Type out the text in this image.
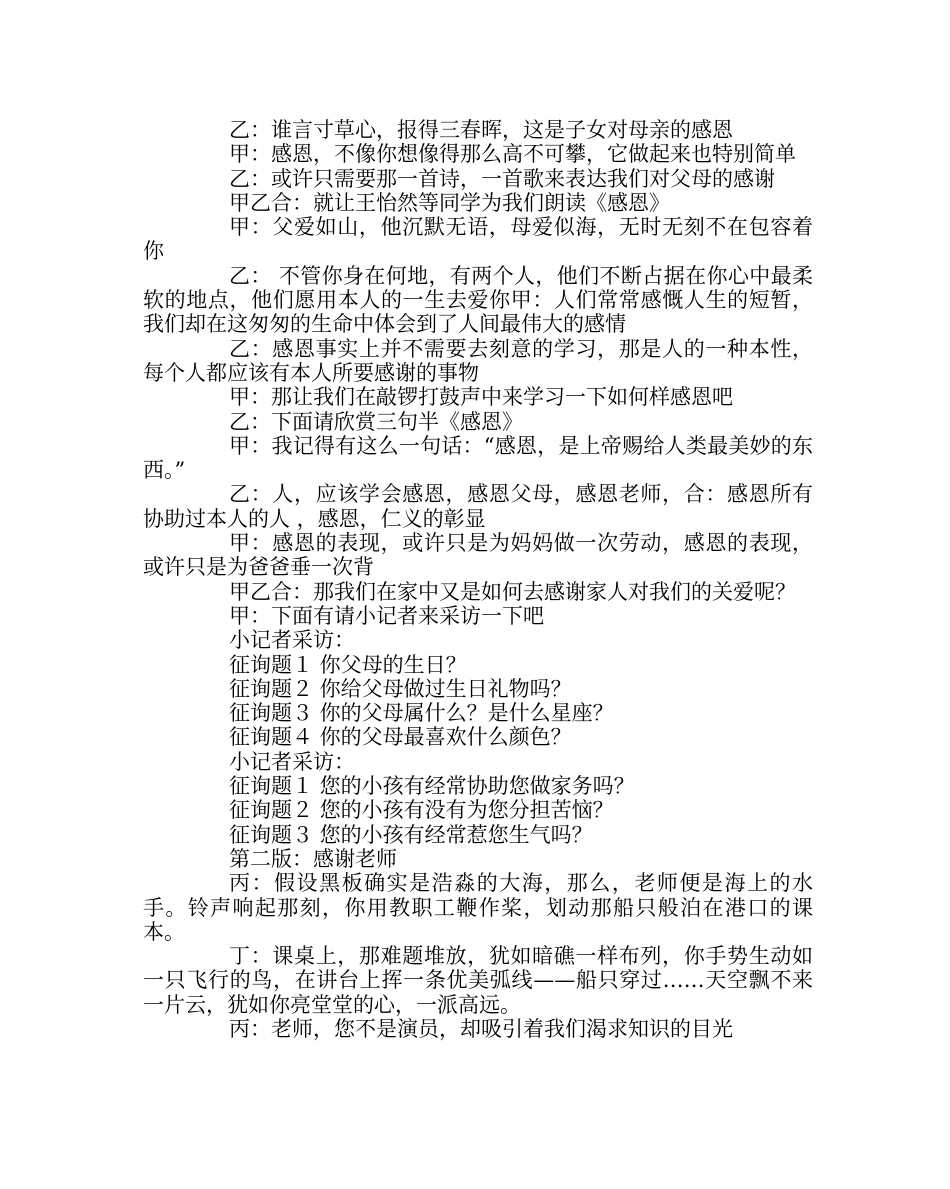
乙：谁言寸草心，报得三春晖，这是子女对母亲的感恩

甲：感恩，不像你想像得那么高不可攀，它做起来也特别简单

乙：或许只需要那一首诗，一首歌来表达我们对父母的感谢

甲乙合：就让王怡然等同学为我们朗读《感恩》

甲：父爱如山，他沉默无语，母爱似海，无时无刻不在包容着你

乙： 不管你身在何地，有两个人，他们不断占据在你心中最柔软的地点，他们愿用本人的一生去爱你甲：人们常常感慨人生的短暂，我们却在这匆匆的生命中体会到了人间最伟大的感情

乙：感恩事实上并不需要去刻意的学习，那是人的一种本性，每个人都应该有本人所要感谢的事物

甲：那让我们在敲锣打鼓声中来学习一下如何样感恩吧

乙：下面请欣赏三句半《感恩》

甲：我记得有这么一句话：“感恩，是上帝赐给人类最美妙的东西。”

乙：人，应该学会感恩，感恩父母，感恩老师，合：感恩所有协助过本人的人 ，感恩，仁义的彰显

甲：感恩的表现，或许只是为妈妈做一次劳动，感恩的表现，或许只是为爸爸垂一次背

甲乙合：那我们在家中又是如何去感谢家人对我们的关爱呢？

甲：下面有请小记者来采访一下吧

小记者采访：

征询题１ 你父母的生日？

征询题２ 你给父母做过生日礼物吗？

征询题３ 你的父母属什么？是什么星座？

征询题４ 你的父母最喜欢什么颜色？

小记者采访：

征询题１ 您的小孩有经常协助您做家务吗？

征询题２ 您的小孩有没有为您分担苦恼？

征询题３ 您的小孩有经常惹您生气吗？

第二版：感谢老师

丙：假设黑板确实是浩淼的大海，那么，老师便是海上的水手。铃声响起那刻，你用教职工鞭作桨，划动那船只般泊在港口的课本。

丁：课桌上，那难题堆放，犹如暗礁一样布列，你手势生动如一只飞行的鸟，在讲台上挥一条优美弧线——船只穿过……天空飘不来一片云，犹如你亮堂堂的心，一派高远。

丙：老师，您不是演员，却吸引着我们渴求知识的目光
